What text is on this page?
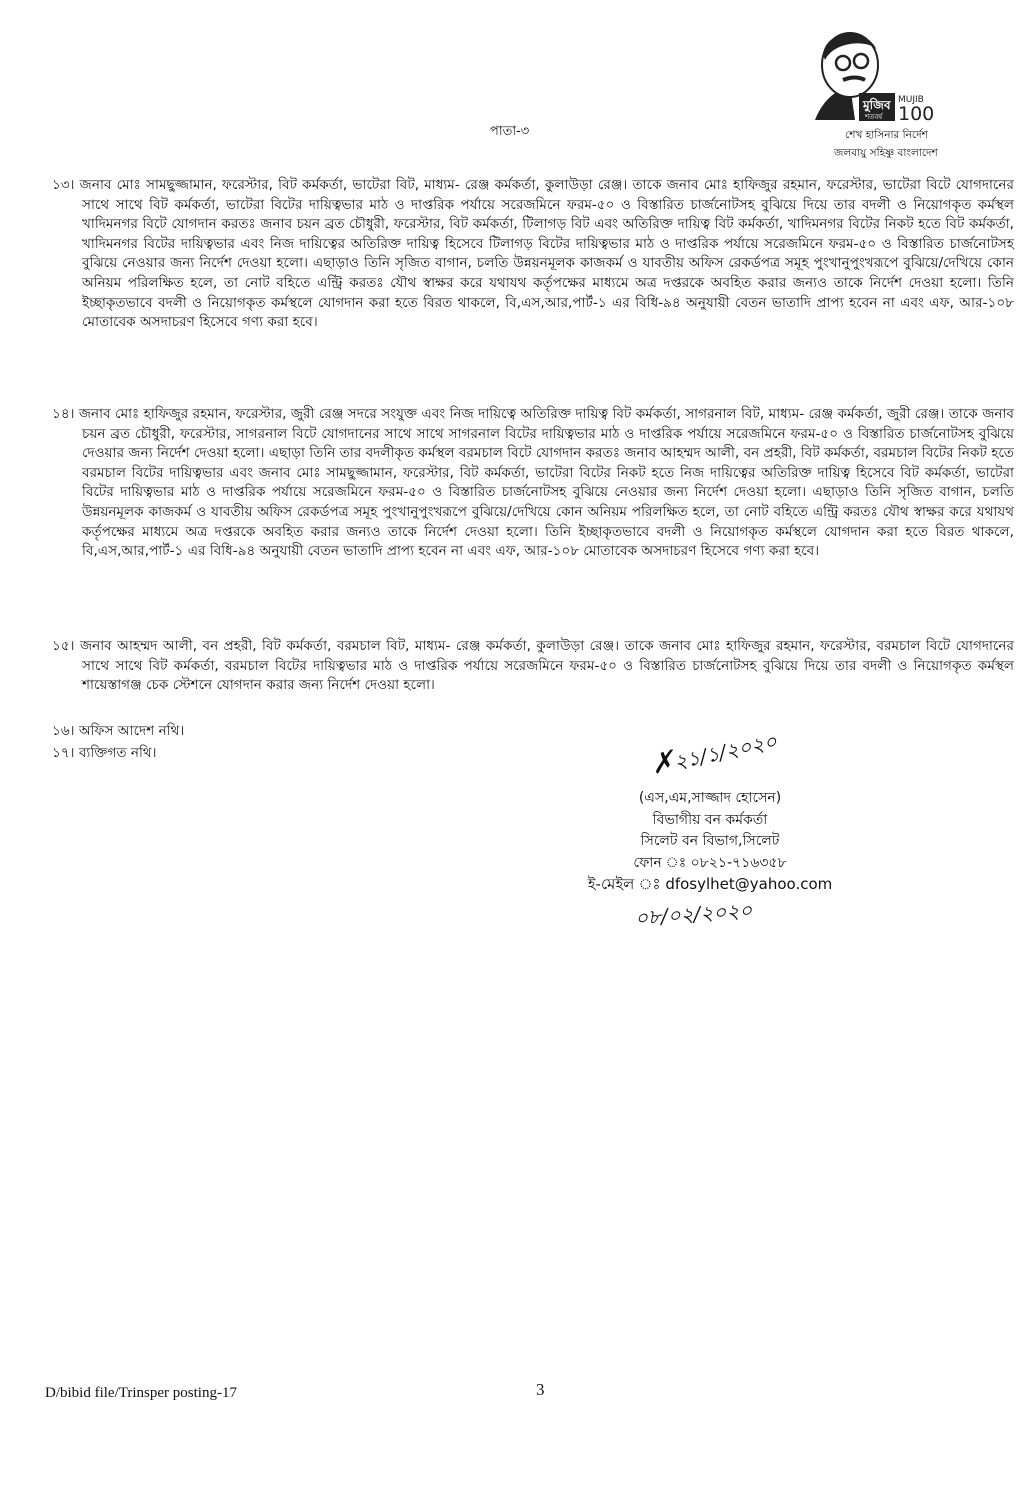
মুজিব
শতবর্ষ
MUJIB
100
শেখ হাসিনার নির্দেশ
জলবায়ু সহিষ্ণু বাংলাদেশ
পাতা-৩
১৩। জনাব মোঃ সামছুজ্জামান, ফরেস্টার, বিট কর্মকর্তা, ভাটেরা বিট, মাধ্যম- রেঞ্জ কর্মকর্তা, কুলাউড়া রেঞ্জ। তাকে জনাব মোঃ হাফিজুর রহমান, ফরেস্টার, ভাটেরা বিটে যোগদানের সাথে সাথে বিট কর্মকর্তা, ভাটেরা বিটের দায়িত্বভার মাঠ ও দাপ্তরিক পর্যায়ে সরেজমিনে ফরম-৫০ ও বিস্তারিত চার্জনোটসহ বুঝিয়ে দিয়ে তার বদলী ও নিয়োগকৃত কর্মস্থল খাদিমনগর বিটে যোগদান করতঃ জনাব চয়ন ব্রত চৌধুরী, ফরেস্টার, বিট কর্মকর্তা, টিলাগড় বিট এবং অতিরিক্ত দায়িত্ব বিট কর্মকর্তা, খাদিমনগর বিটের নিকট হতে বিট কর্মকর্তা, খাদিমনগর বিটের দায়িত্বভার এবং নিজ দায়িত্বের অতিরিক্ত দায়িত্ব হিসেবে টিলাগড় বিটের দায়িত্বভার মাঠ ও দাপ্তরিক পর্যায়ে সরেজমিনে ফরম-৫০ ও বিস্তারিত চার্জনোটসহ বুঝিয়ে নেওয়ার জন্য নির্দেশ দেওয়া হলো। এছাড়াও তিনি সৃজিত বাগান, চলতি উন্নয়নমূলক কাজকর্ম ও যাবতীয় অফিস রেকর্ডপত্র সমূহ পুংখানুপুংখরূপে বুঝিয়ে/দেখিয়ে কোন অনিয়ম পরিলক্ষিত হলে, তা নোট বহিতে এন্ট্রি করতঃ যৌথ স্বাক্ষর করে যথাযথ কর্তৃপক্ষের মাধ্যমে অত্র দপ্তরকে অবহিত করার জন্যও তাকে নির্দেশ দেওয়া হলো। তিনি ইচ্ছাকৃতভাবে বদলী ও নিয়োগকৃত কর্মস্থলে যোগদান করা হতে বিরত থাকলে, বি,এস,আর,পার্ট-১ এর বিধি-৯৪ অনুযায়ী বেতন ভাতাদি প্রাপ্য হবেন না এবং এফ, আর-১০৮ মোতাবেক অসদাচরণ হিসেবে গণ্য করা হবে।
১৪। জনাব মোঃ হাফিজুর রহমান, ফরেস্টার, জুরী রেঞ্জ সদরে সংযুক্ত এবং নিজ দায়িত্বে অতিরিক্ত দায়িত্ব বিট কর্মকর্তা, সাগরনাল বিট, মাধ্যম- রেঞ্জ কর্মকর্তা, জুরী রেঞ্জ। তাকে জনাব চয়ন ব্রত চৌধুরী, ফরেস্টার, সাগরনাল বিটে যোগদানের সাথে সাথে সাগরনাল বিটের দায়িত্বভার মাঠ ও দাপ্তরিক পর্যায়ে সরেজমিনে ফরম-৫০ ও বিস্তারিত চার্জনোটসহ বুঝিয়ে দেওয়ার জন্য নির্দেশ দেওয়া হলো। এছাড়া তিনি তার বদলীকৃত কর্মস্থল বরমচাল বিটে যোগদান করতঃ জনাব আহম্মদ আলী, বন প্রহরী, বিট কর্মকর্তা, বরমচাল বিটের নিকট হতে বরমচাল বিটের দায়িত্বভার এবং জনাব মোঃ সামছুজ্জামান, ফরেস্টার, বিট কর্মকর্তা, ভাটেরা বিটের নিকট হতে নিজ দায়িত্বের অতিরিক্ত দায়িত্ব হিসেবে বিট কর্মকর্তা, ভাটেরা বিটের দায়িত্বভার মাঠ ও দাপ্তরিক পর্যায়ে সরেজমিনে ফরম-৫০ ও বিস্তারিত চার্জনোটসহ বুঝিয়ে নেওয়ার জন্য নির্দেশ দেওয়া হলো। এছাড়াও তিনি সৃজিত বাগান, চলতি উন্নয়নমূলক কাজকর্ম ও যাবতীয় অফিস রেকর্ডপত্র সমূহ পুংখানুপুংখরূপে বুঝিয়ে/দেখিয়ে কোন অনিয়ম পরিলক্ষিত হলে, তা নোট বহিতে এন্ট্রি করতঃ যৌথ স্বাক্ষর করে যথাযথ কর্তৃপক্ষের মাধ্যমে অত্র দপ্তরকে অবহিত করার জন্যও তাকে নির্দেশ দেওয়া হলো। তিনি ইচ্ছাকৃতভাবে বদলী ও নিয়োগকৃত কর্মস্থলে যোগদান করা হতে বিরত থাকলে, বি,এস,আর,পার্ট-১ এর বিধি-৯৪ অনুযায়ী বেতন ভাতাদি প্রাপ্য হবেন না এবং এফ, আর-১০৮ মোতাবেক অসদাচরণ হিসেবে গণ্য করা হবে।
১৫। জনাব আহম্মদ আলী, বন প্রহরী, বিট কর্মকর্তা, বরমচাল বিট, মাধ্যম- রেঞ্জ কর্মকর্তা, কুলাউড়া রেঞ্জ। তাকে জনাব মোঃ হাফিজুর রহমান, ফরেস্টার, বরমচাল বিটে যোগদানের সাথে সাথে বিট কর্মকর্তা, বরমচাল বিটের দায়িত্বভার মাঠ ও দাপ্তরিক পর্যায়ে সরেজমিনে ফরম-৫০ ও বিস্তারিত চার্জনোটসহ বুঝিয়ে দিয়ে তার বদলী ও নিয়োগকৃত কর্মস্থল শায়েস্তাগঞ্জ চেক স্টেশনে যোগদান করার জন্য নির্দেশ দেওয়া হলো।
১৬। অফিস আদেশ নথি।
১৭। ব্যক্তিগত নথি।	✗২১/১/২০২০
(এস,এম,সাজ্জাদ হোসেন)
বিভাগীয় বন কর্মকর্তা
সিলেট বন বিভাগ,সিলেট
ফোন ঃ ০৮২১-৭১৬৩৫৮
ই-মেইল ঃ dfosylhet@yahoo.com
০৮/০২/২০২০
D/bibid file/Trinsper posting-17	3
